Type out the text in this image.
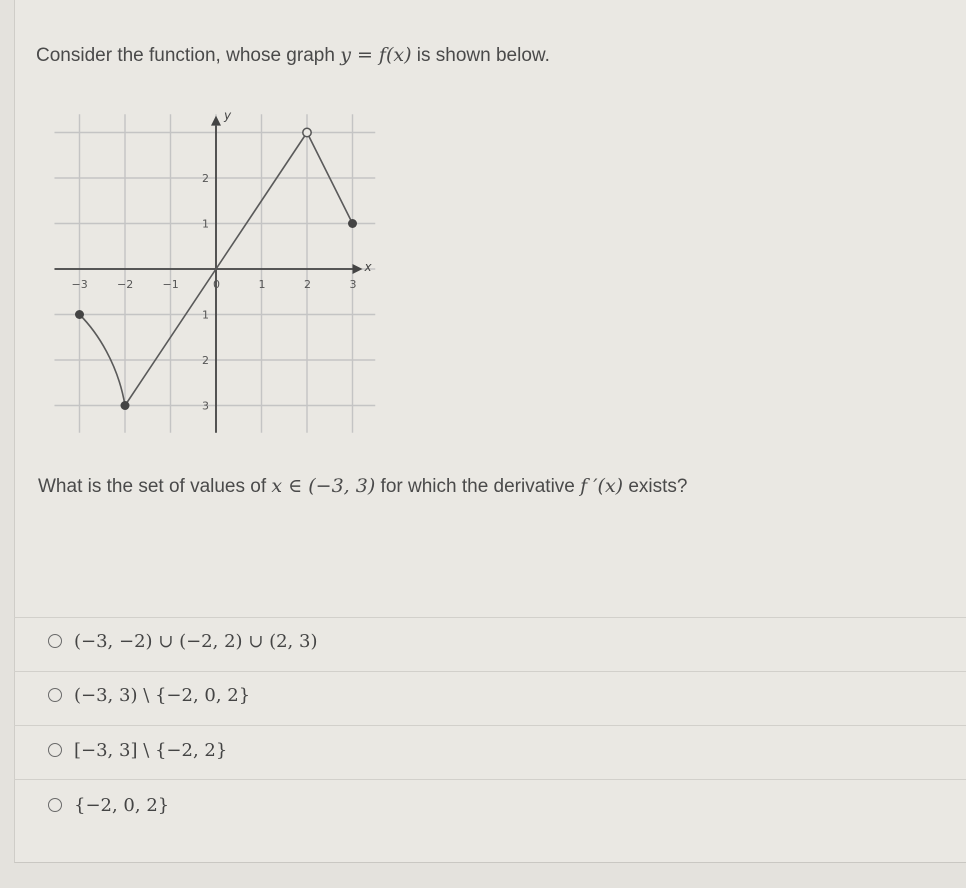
Consider the function, whose graph y = f(x) is shown below.
−3	−2	−1	0	1	2	3
2
1
1
2
3
x
y
What is the set of values of x ∈ (−3, 3) for which the derivative f ′(x) exists?
(−3, −2) ∪ (−2, 2) ∪ (2, 3)
(−3, 3) \ {−2, 0, 2}
[−3, 3] \ {−2, 2}
{−2, 0, 2}
